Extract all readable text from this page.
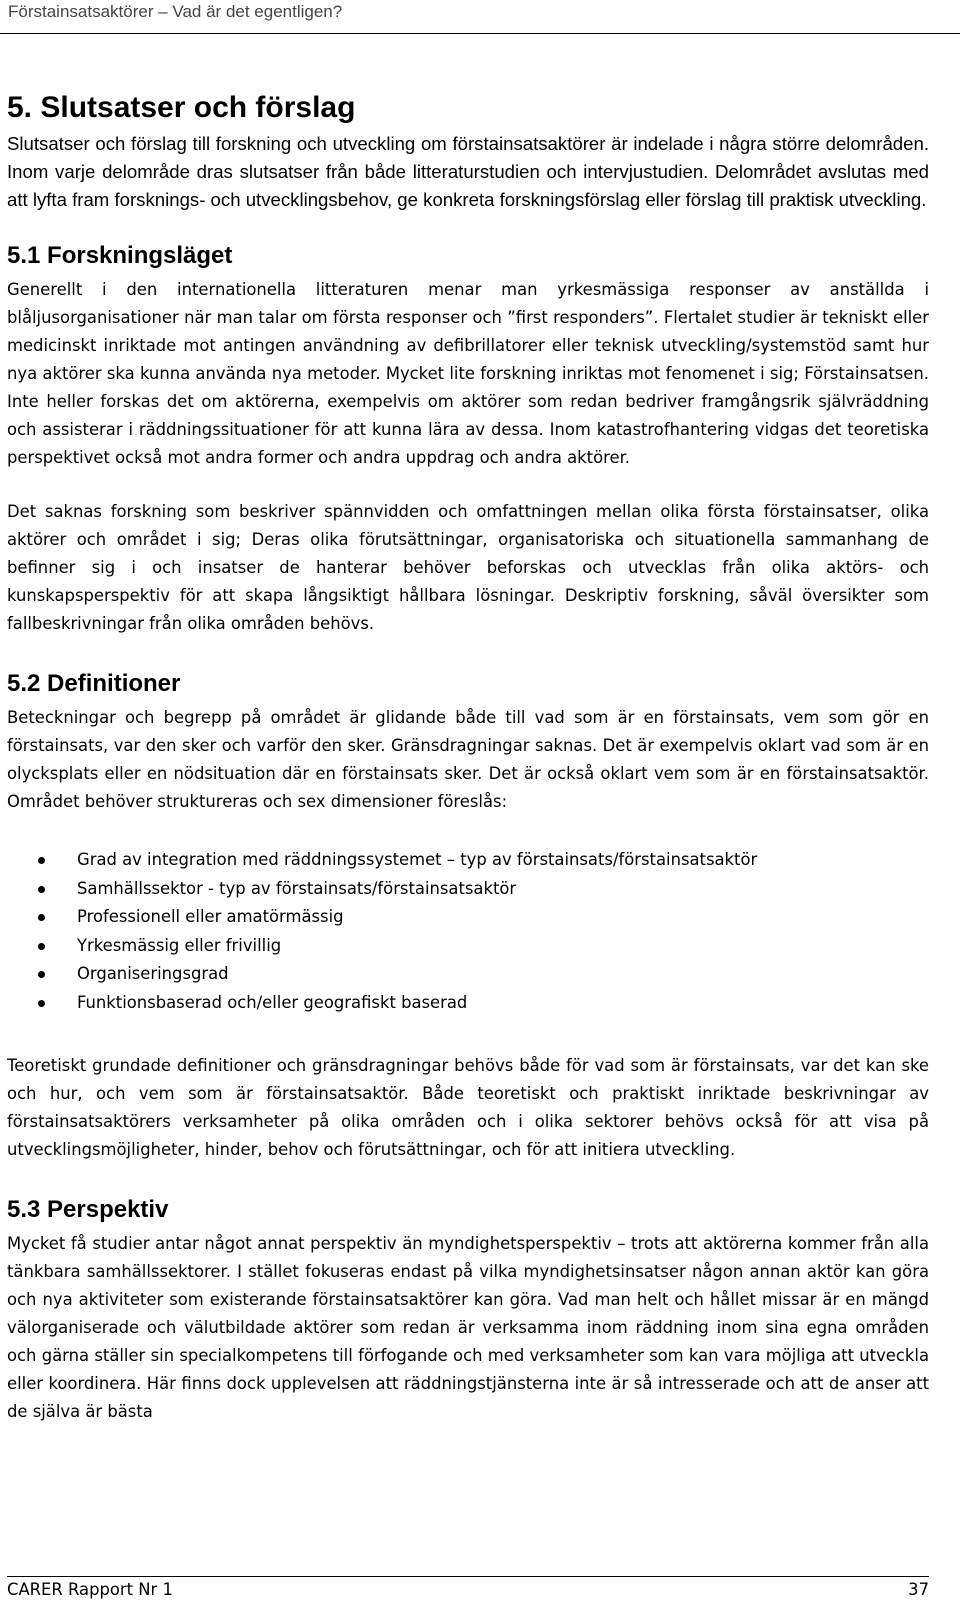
Förstainsatsaktörer – Vad är det egentligen?
5. Slutsatser och förslag

Slutsatser och förslag till forskning och utveckling om förstainsatsaktörer är indelade i några större delområden. Inom varje delområde dras slutsatser från både litteraturstudien och intervjustudien. Delområdet avslutas med att lyfta fram forsknings- och utvecklingsbehov, ge konkreta forskningsförslag eller förslag till praktisk utveckling.

5.1 Forskningsläget

Generellt i den internationella litteraturen menar man yrkesmässiga responser av anställda i blåljusorganisationer när man talar om första responser och ”first responders”. Flertalet studier är tekniskt eller medicinskt inriktade mot antingen användning av defibrillatorer eller teknisk utveckling/systemstöd samt hur nya aktörer ska kunna använda nya metoder. Mycket lite forskning inriktas mot fenomenet i sig; Förstainsatsen. Inte heller forskas det om aktörerna, exempelvis om aktörer som redan bedriver framgångsrik självräddning och assisterar i räddningssituationer för att kunna lära av dessa. Inom katastrofhantering vidgas det teoretiska perspektivet också mot andra former och andra uppdrag och andra aktörer.

Det saknas forskning som beskriver spännvidden och omfattningen mellan olika första förstainsatser, olika aktörer och området i sig; Deras olika förutsättningar, organisatoriska och situationella sammanhang de befinner sig i och insatser de hanterar behöver beforskas och utvecklas från olika aktörs- och kunskapsperspektiv för att skapa långsiktigt hållbara lösningar. Deskriptiv forskning, såväl översikter som fallbeskrivningar från olika områden behövs.

5.2 Definitioner

Beteckningar och begrepp på området är glidande både till vad som är en förstainsats, vem som gör en förstainsats, var den sker och varför den sker. Gränsdragningar saknas. Det är exempelvis oklart vad som är en olycksplats eller en nödsituation där en förstainsats sker. Det är också oklart vem som är en förstainsatsaktör. Området behöver struktureras och sex dimensioner föreslås:

Grad av integration med räddningssystemet – typ av förstainsats/förstainsatsaktör
Samhällssektor - typ av förstainsats/förstainsatsaktör
Professionell eller amatörmässig
Yrkesmässig eller frivillig
Organiseringsgrad
Funktionsbaserad och/eller geografiskt baserad

Teoretiskt grundade definitioner och gränsdragningar behövs både för vad som är förstainsats, var det kan ske och hur, och vem som är förstainsatsaktör. Både teoretiskt och praktiskt inriktade beskrivningar av förstainsatsaktörers verksamheter på olika områden och i olika sektorer behövs också för att visa på utvecklingsmöjligheter, hinder, behov och förutsättningar, och för att initiera utveckling.

5.3 Perspektiv

Mycket få studier antar något annat perspektiv än myndighetsperspektiv – trots att aktörerna kommer från alla tänkbara samhällssektorer. I stället fokuseras endast på vilka myndighetsinsatser någon annan aktör kan göra och nya aktiviteter som existerande förstainsatsaktörer kan göra. Vad man helt och hållet missar är en mängd välorganiserade och välutbildade aktörer som redan är verksamma inom räddning inom sina egna områden och gärna ställer sin specialkompetens till förfogande och med verksamheter som kan vara möjliga att utveckla eller koordinera. Här finns dock upplevelsen att räddningstjänsterna inte är så intresserade och att de anser att de själva är bästa

CARER Rapport Nr 1	37
